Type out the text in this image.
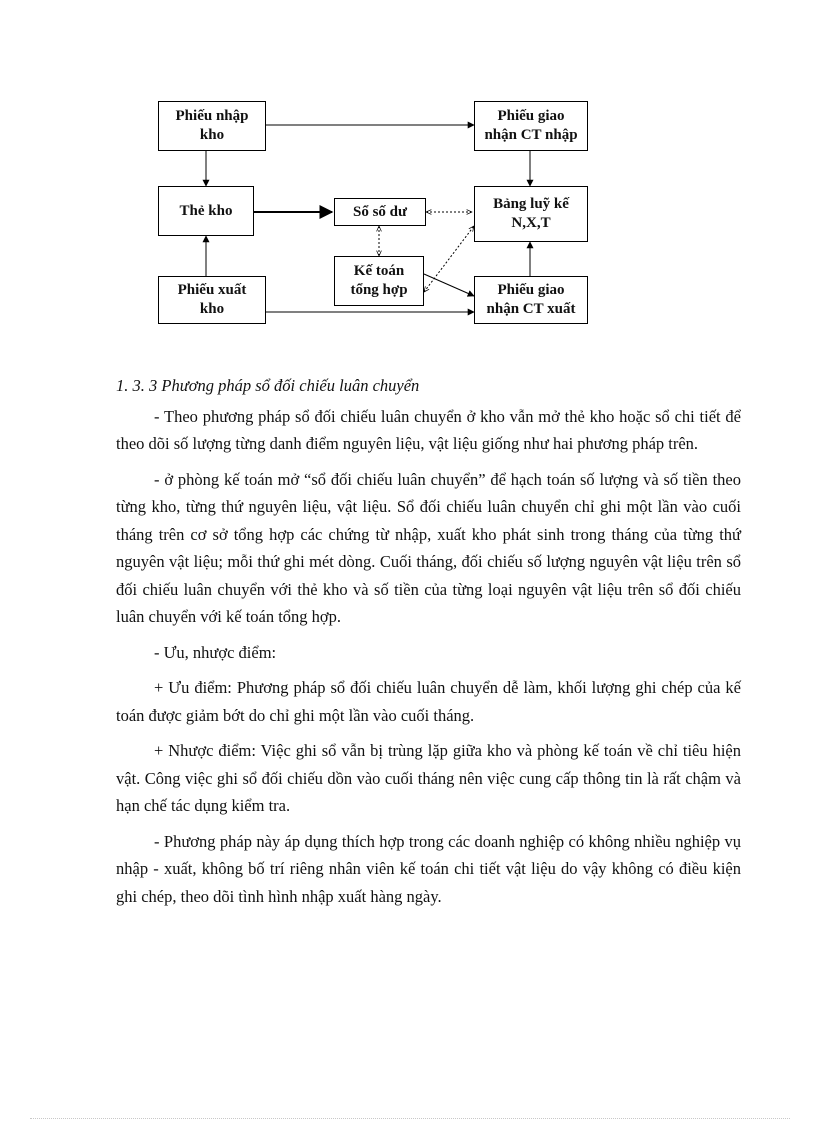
Phiếu nhập
kho
Phiếu giao
nhận CT nhập
Thẻ kho	Sổ số dư	Bảng luỹ kế
N,X,T
Kế toán
tổng hợp
Phiếu xuất
kho
Phiếu giao
nhận CT xuất

1. 3. 3 Phương pháp sổ đối chiếu luân chuyển

- Theo phương pháp sổ đối chiếu luân chuyển ở kho vẫn mở thẻ kho hoặc sổ chi tiết để theo dõi số lượng từng danh điểm nguyên liệu, vật liệu giống như hai phương pháp trên.

- ở phòng kế toán mở “sổ đối chiếu luân chuyển” để hạch toán số lượng và số tiền theo từng kho, từng thứ nguyên liệu, vật liệu. Sổ đối chiếu luân chuyển chỉ ghi một lần vào cuối tháng trên cơ sở tổng hợp các chứng từ nhập, xuất kho phát sinh trong tháng của từng thứ nguyên vật liệu; mỗi thứ ghi mét dòng. Cuối tháng, đối chiếu số lượng nguyên vật liệu trên sổ đối chiếu luân chuyển với thẻ kho và số tiền của từng loại nguyên vật liệu trên sổ đối chiếu luân chuyển với kế toán tổng hợp.

- Ưu, nhược điểm:

+ Ưu điểm: Phương pháp sổ đối chiếu luân chuyển dễ làm, khối lượng ghi chép của kế toán được giảm bớt do chỉ ghi một lần vào cuối tháng.

+ Nhược điểm: Việc ghi sổ vẫn bị trùng lặp giữa kho và phòng kế toán về chỉ tiêu hiện vật. Công việc ghi sổ đối chiếu dồn vào cuối tháng nên việc cung cấp thông tin là rất chậm và hạn chế tác dụng kiểm tra.

- Phương pháp này áp dụng thích hợp trong các doanh nghiệp có không nhiều nghiệp vụ nhập - xuất, không bố trí riêng nhân viên kế toán chi tiết vật liệu do vậy không có điều kiện ghi chép, theo dõi tình hình nhập xuất hàng ngày.
